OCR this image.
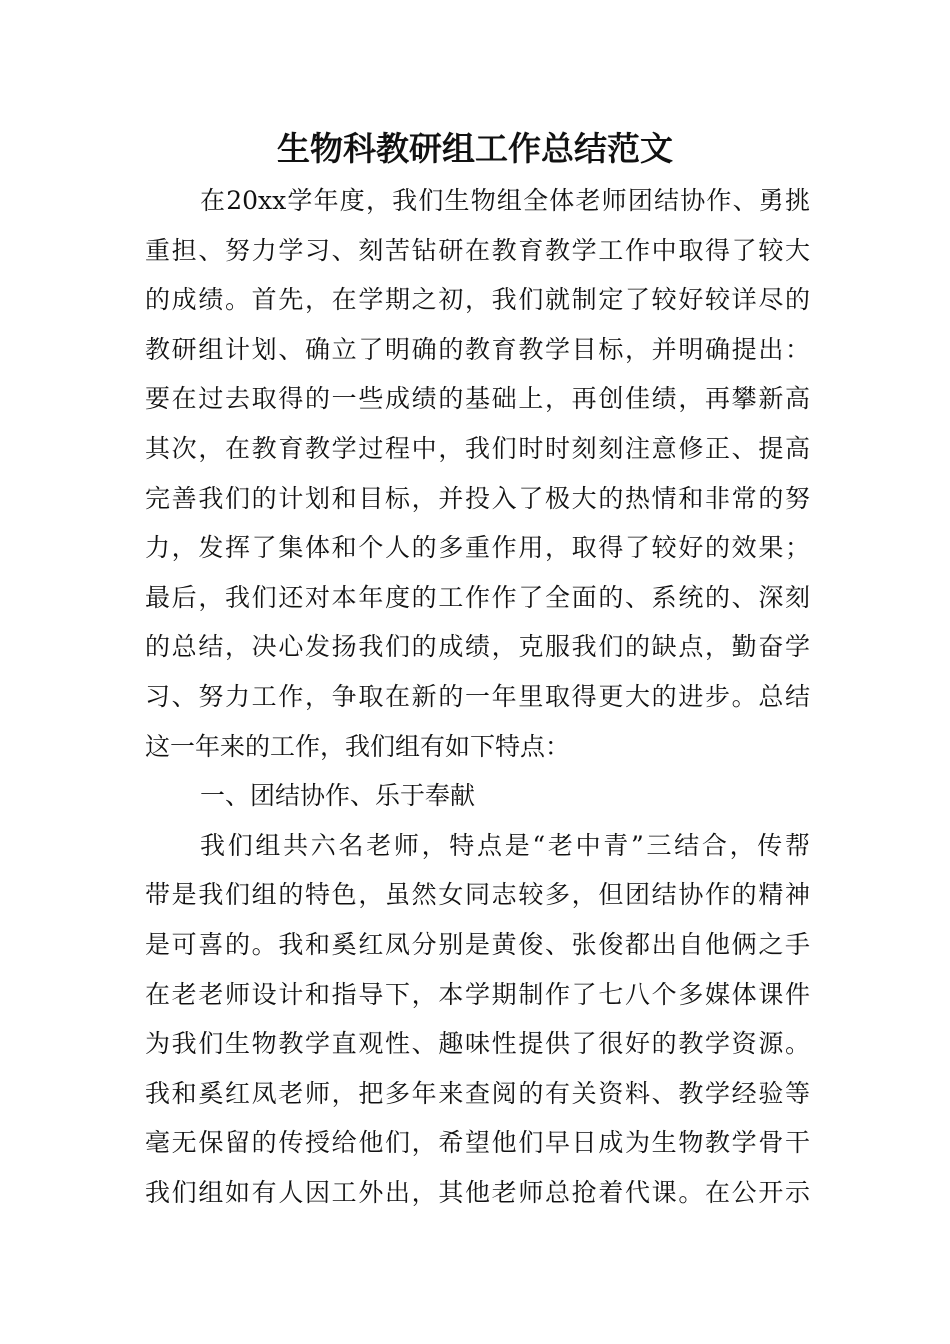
生物科教研组工作总结范文
在20xx学年度，我们生物组全体老师团结协作、勇挑
重担、努力学习、刻苦钻研在教育教学工作中取得了较大
的成绩。首先，在学期之初，我们就制定了较好较详尽的
教研组计划、确立了明确的教育教学目标，并明确提出：
要在过去取得的一些成绩的基础上，再创佳绩，再攀新高
其次，在教育教学过程中，我们时时刻刻注意修正、提高
完善我们的计划和目标，并投入了极大的热情和非常的努
力，发挥了集体和个人的多重作用，取得了较好的效果；
最后，我们还对本年度的工作作了全面的、系统的、深刻
的总结，决心发扬我们的成绩，克服我们的缺点，勤奋学
习、努力工作，争取在新的一年里取得更大的进步。总结
这一年来的工作，我们组有如下特点：
一、团结协作、乐于奉献
我们组共六名老师，特点是“老中青”三结合，传帮
带是我们组的特色，虽然女同志较多，但团结协作的精神
是可喜的。我和奚红凤分别是黄俊、张俊都出自他俩之手
在老老师设计和指导下，本学期制作了七八个多媒体课件
为我们生物教学直观性、趣味性提供了很好的教学资源。
我和奚红凤老师，把多年来查阅的有关资料、教学经验等
毫无保留的传授给他们，希望他们早日成为生物教学骨干
我们组如有人因工外出，其他老师总抢着代课。在公开示
